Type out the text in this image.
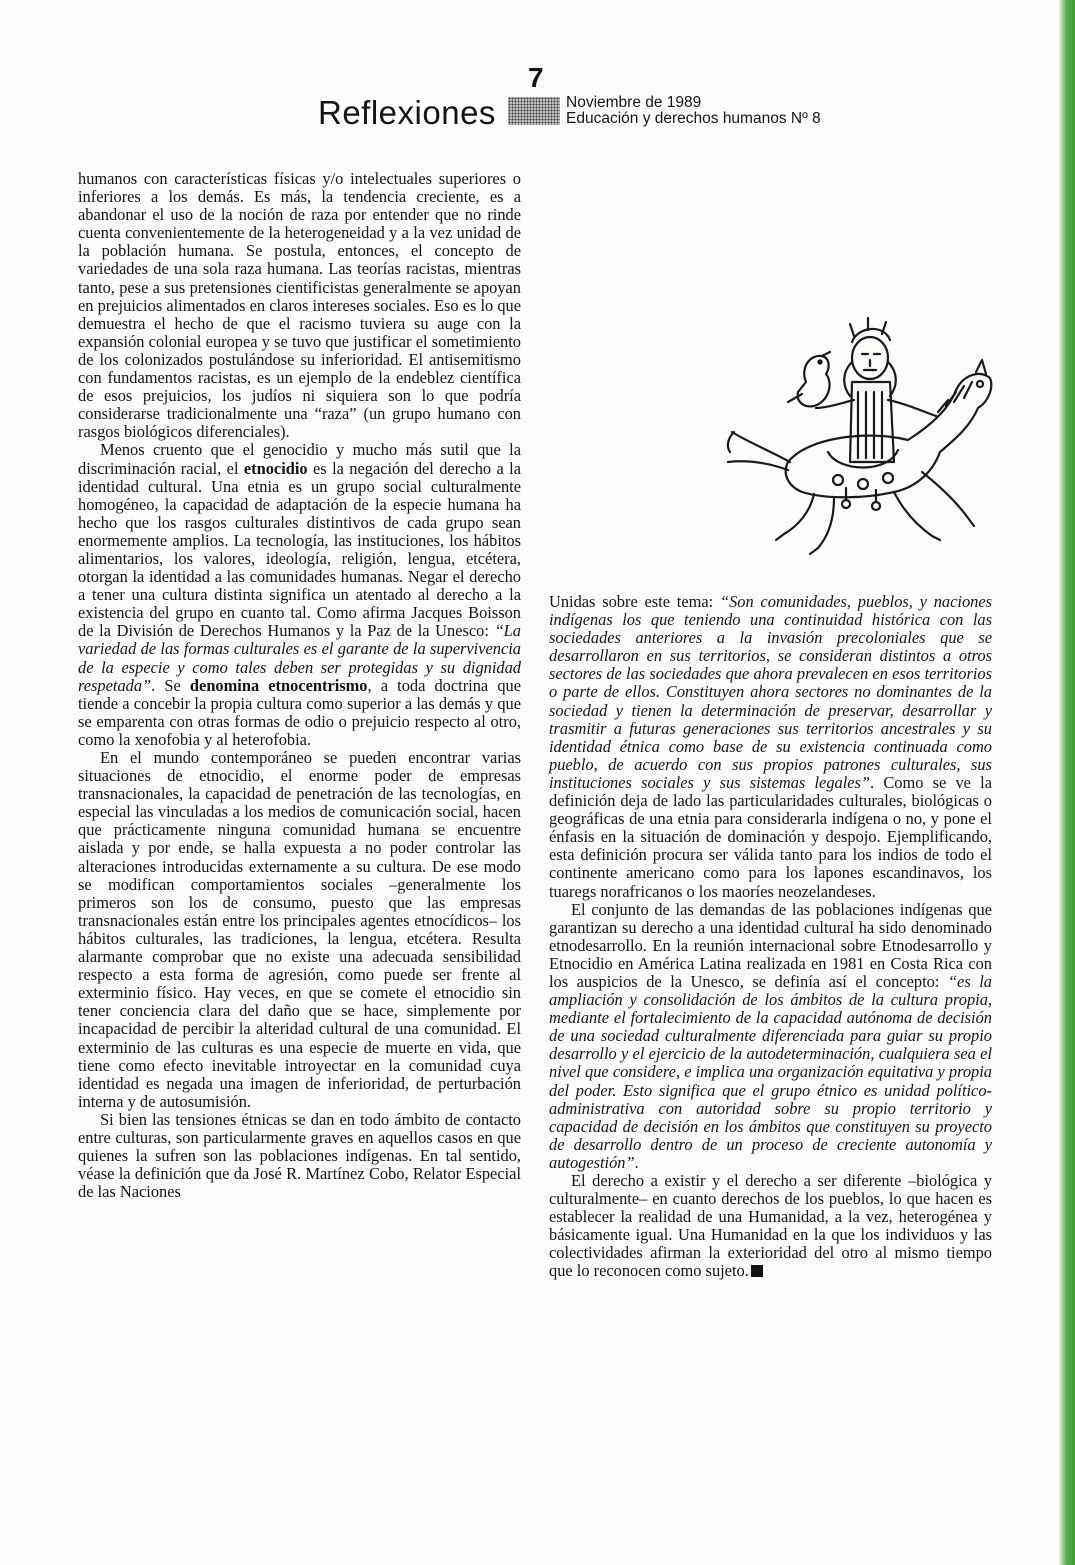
7
Reflexiones	Noviembre de 1989
Educación y derechos humanos Nº 8

humanos con características físicas y/o intelectuales superiores o inferiores a los demás. Es más, la tendencia creciente, es a abandonar el uso de la noción de raza por entender que no rinde cuenta convenientemente de la heterogeneidad y a la vez unidad de la población humana. Se postula, entonces, el concepto de variedades de una sola raza humana. Las teorías racistas, mientras tanto, pese a sus pretensiones cientificistas generalmente se apoyan en prejuicios alimentados en claros intereses sociales. Eso es lo que demuestra el hecho de que el racismo tuviera su auge con la expansión colonial europea y se tuvo que justificar el sometimiento de los colonizados postulándose su inferioridad. El antisemitismo con fundamentos racistas, es un ejemplo de la endeblez científica de esos prejuicios, los judíos ni siquiera son lo que podría considerarse tradicionalmente una “raza” (un grupo humano con rasgos biológicos diferenciales).

Menos cruento que el genocidio y mucho más sutil que la discriminación racial, el etnocidio es la negación del derecho a la identidad cultural. Una etnia es un grupo social culturalmente homogéneo, la capacidad de adaptación de la especie humana ha hecho que los rasgos culturales distintivos de cada grupo sean enormemente amplios. La tecnología, las instituciones, los hábitos alimentarios, los valores, ideología, religión, lengua, etcétera, otorgan la identidad a las comunidades humanas. Negar el derecho a tener una cultura distinta significa un atentado al derecho a la existencia del grupo en cuanto tal. Como afirma Jacques Boisson de la División de Derechos Humanos y la Paz de la Unesco: “La variedad de las formas culturales es el garante de la supervivencia de la especie y como tales deben ser protegidas y su dignidad respetada”. Se denomina etnocentrismo, a toda doctrina que tiende a concebir la propia cultura como superior a las demás y que se emparenta con otras formas de odio o prejuicio respecto al otro, como la xenofobia y al heterofobia.

En el mundo contemporáneo se pueden encontrar varias situaciones de etnocidio, el enorme poder de empresas transnacionales, la capacidad de penetración de las tecnologías, en especial las vinculadas a los medios de comunicación social, hacen que prácticamente ninguna comunidad humana se encuentre aislada y por ende, se halla expuesta a no poder controlar las alteraciones introducidas externamente a su cultura. De ese modo se modifican comportamientos sociales –generalmente los primeros son los de consumo, puesto que las empresas transnacionales están entre los principales agentes etnocídicos– los hábitos culturales, las tradiciones, la lengua, etcétera. Resulta alarmante comprobar que no existe una adecuada sensibilidad respecto a esta forma de agresión, como puede ser frente al exterminio físico. Hay veces, en que se comete el etnocidio sin tener conciencia clara del daño que se hace, simplemente por incapacidad de percibir la alteridad cultural de una comunidad. El exterminio de las culturas es una especie de muerte en vida, que tiene como efecto inevitable introyectar en la comunidad cuya identidad es negada una imagen de inferioridad, de perturbación interna y de autosumisión.

Si bien las tensiones étnicas se dan en todo ámbito de contacto entre culturas, son particularmente graves en aquellos casos en que quienes la sufren son las poblaciones indígenas. En tal sentido, véase la definición que da José R. Martínez Cobo, Relator Especial de las Naciones

Unidas sobre este tema: “Son comunidades, pueblos, y naciones indígenas los que teniendo una continuidad histórica con las sociedades anteriores a la invasión precoloniales que se desarrollaron en sus territorios, se consideran distintos a otros sectores de las sociedades que ahora prevalecen en esos territorios o parte de ellos. Constituyen ahora sectores no dominantes de la sociedad y tienen la determinación de preservar, desarrollar y trasmitir a futuras generaciones sus territorios ancestrales y su identidad étnica como base de su existencia continuada como pueblo, de acuerdo con sus propios patrones culturales, sus instituciones sociales y sus sistemas legales”. Como se ve la definición deja de lado las particularidades culturales, biológicas o geográficas de una etnia para considerarla indígena o no, y pone el énfasis en la situación de dominación y despojo. Ejemplificando, esta definición procura ser válida tanto para los indios de todo el continente americano como para los lapones escandinavos, los tuaregs norafricanos o los maoríes neozelandeses.

El conjunto de las demandas de las poblaciones indígenas que garantizan su derecho a una identidad cultural ha sido denominado etnodesarrollo. En la reunión internacional sobre Etnodesarrollo y Etnocidio en América Latina realizada en 1981 en Costa Rica con los auspicios de la Unesco, se definía así el concepto: “es la ampliación y consolidación de los ámbitos de la cultura propia, mediante el fortalecimiento de la capacidad autónoma de decisión de una sociedad culturalmente diferenciada para guiar su propio desarrollo y el ejercicio de la autodeterminación, cualquiera sea el nivel que considere, e implica una organización equitativa y propia del poder. Esto significa que el grupo étnico es unidad político-administrativa con autoridad sobre su propio territorio y capacidad de decisión en los ámbitos que constituyen su proyecto de desarrollo dentro de un proceso de creciente autonomía y autogestión”.

El derecho a existir y el derecho a ser diferente –biológica y culturalmente– en cuanto derechos de los pueblos, lo que hacen es establecer la realidad de una Humanidad, a la vez, heterogénea y básicamente igual. Una Humanidad en la que los individuos y las colectividades afirman la exterioridad del otro al mismo tiempo que lo reconocen como sujeto.
